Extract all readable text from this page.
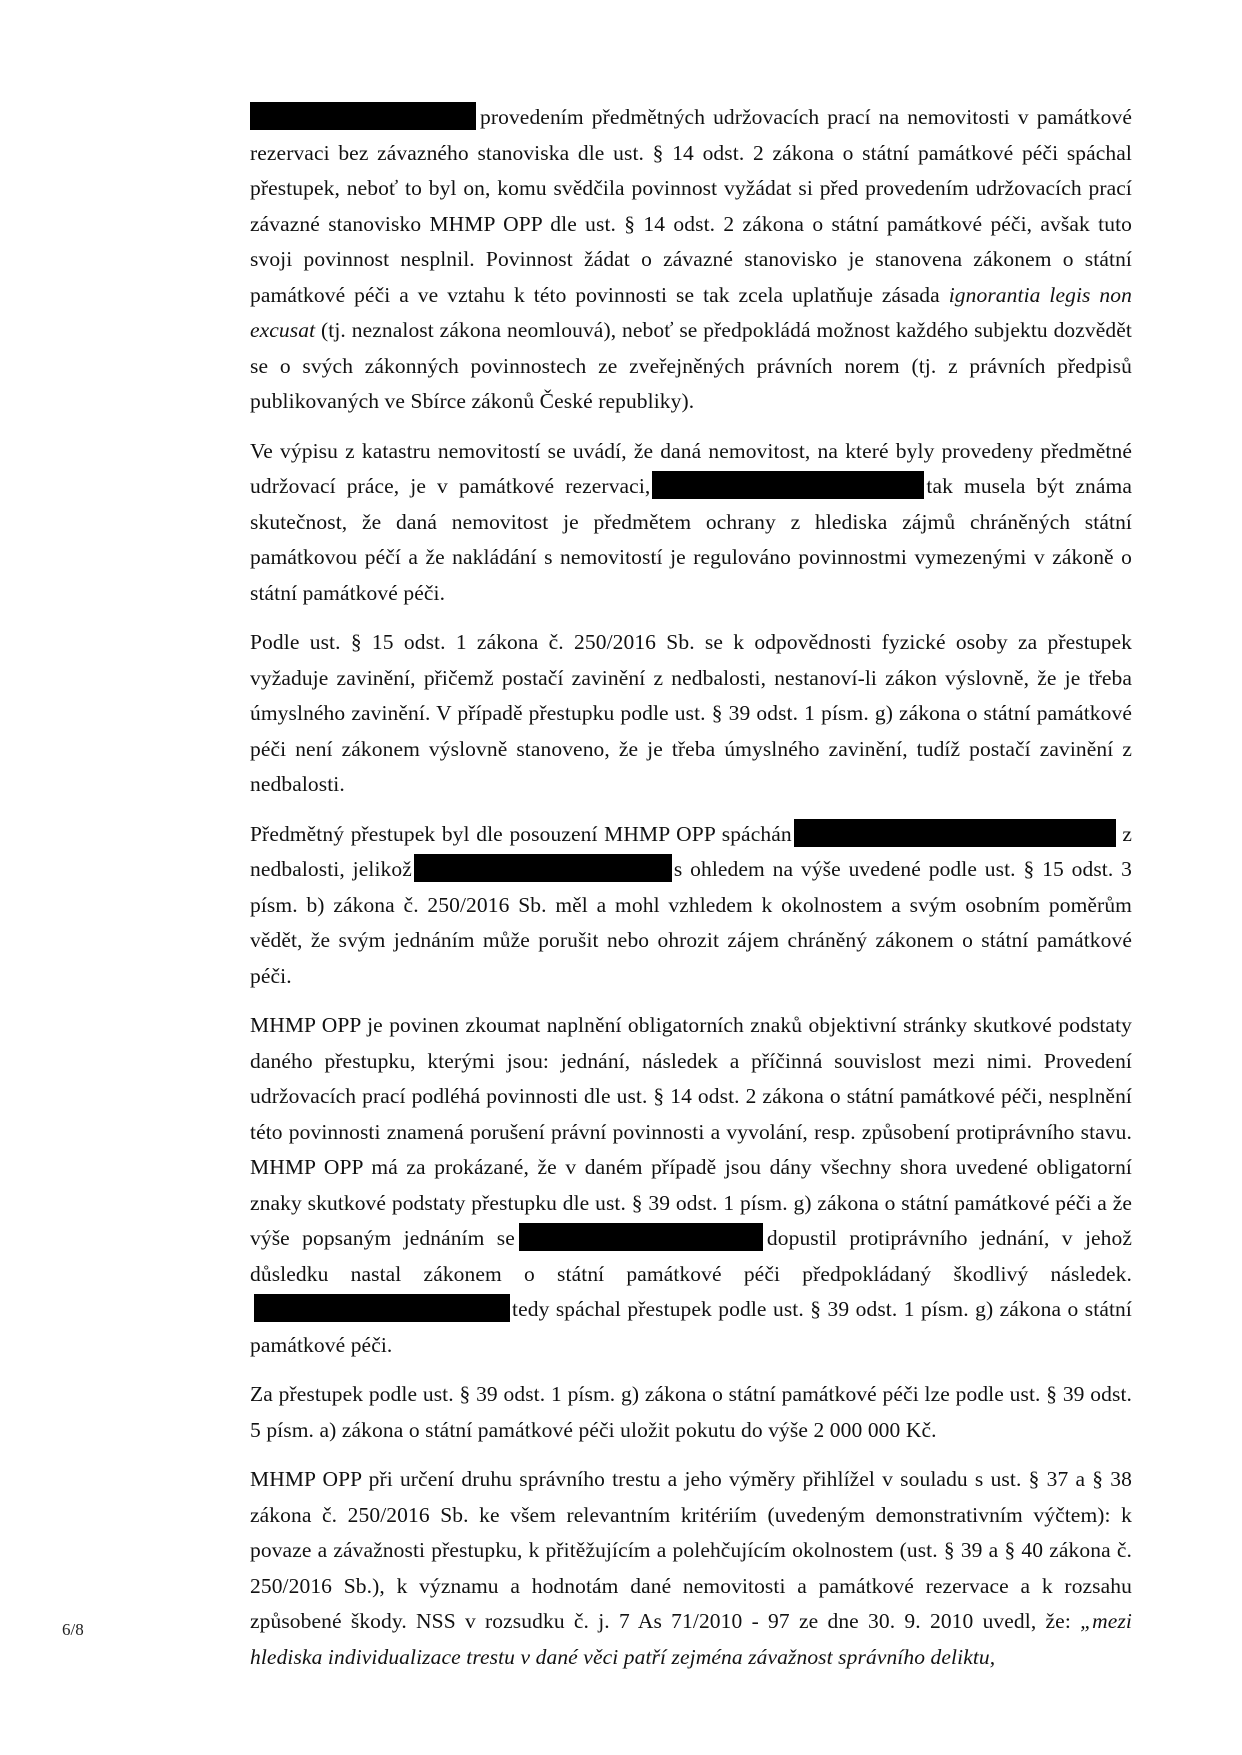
provedením předmětných udržovacích prací na nemovitosti v památkové rezervaci bez závazného stanoviska dle ust. § 14 odst. 2 zákona o státní památkové péči spáchal přestupek, neboť to byl on, komu svědčila povinnost vyžádat si před provedením udržovacích prací závazné stanovisko MHMP OPP dle ust. § 14 odst. 2 zákona o státní památkové péči, avšak tuto svoji povinnost nesplnil. Povinnost žádat o závazné stanovisko je stanovena zákonem o státní památkové péči a ve vztahu k této povinnosti se tak zcela uplatňuje zásada ignorantia legis non excusat (tj. neznalost zákona neomlouvá), neboť se předpokládá možnost každého subjektu dozvědět se o svých zákonných povinnostech ze zveřejněných právních norem (tj. z právních předpisů publikovaných ve Sbírce zákonů České republiky).

Ve výpisu z katastru nemovitostí se uvádí, že daná nemovitost, na které byly provedeny předmětné udržovací práce, je v památkové rezervaci,	tak musela být známa skutečnost, že daná nemovitost je předmětem ochrany z hlediska zájmů chráněných státní památkovou péčí a že nakládání s nemovitostí je regulováno povinnostmi vymezenými v zákoně o státní památkové péči.

Podle ust. § 15 odst. 1 zákona č. 250/2016 Sb. se k odpovědnosti fyzické osoby za přestupek vyžaduje zavinění, přičemž postačí zavinění z nedbalosti, nestanoví-li zákon výslovně, že je třeba úmyslného zavinění. V případě přestupku podle ust. § 39 odst. 1 písm. g) zákona o státní památkové péči není zákonem výslovně stanoveno, že je třeba úmyslného zavinění, tudíž postačí zavinění z nedbalosti.

Předmětný přestupek byl dle posouzení MHMP OPP spáchán	z nedbalosti, jelikož	s ohledem na výše uvedené podle ust. § 15 odst. 3 písm. b) zákona č. 250/2016 Sb. měl a mohl vzhledem k okolnostem a svým osobním poměrům vědět, že svým jednáním může porušit nebo ohrozit zájem chráněný zákonem o státní památkové péči.

MHMP OPP je povinen zkoumat naplnění obligatorních znaků objektivní stránky skutkové podstaty daného přestupku, kterými jsou: jednání, následek a příčinná souvislost mezi nimi. Provedení udržovacích prací podléhá povinnosti dle ust. § 14 odst. 2 zákona o státní památkové péči, nesplnění této povinnosti znamená porušení právní povinnosti a vyvolání, resp. způsobení protiprávního stavu. MHMP OPP má za prokázané, že v daném případě jsou dány všechny shora uvedené obligatorní znaky skutkové podstaty přestupku dle ust. § 39 odst. 1 písm. g) zákona o státní památkové péči a že výše popsaným jednáním se	dopustil protiprávního jednání, v jehož důsledku nastal zákonem o státní památkové péči předpokládaný škodlivý následek.tedy spáchal přestupek podle ust. § 39 odst. 1 písm. g) zákona o státní památkové péči.

Za přestupek podle ust. § 39 odst. 1 písm. g) zákona o státní památkové péči lze podle ust. § 39 odst. 5 písm. a) zákona o státní památkové péči uložit pokutu do výše 2 000 000 Kč.

MHMP OPP při určení druhu správního trestu a jeho výměry přihlížel v souladu s ust. § 37 a § 38 zákona č. 250/2016 Sb. ke všem relevantním kritériím (uvedeným demonstrativním výčtem): k povaze a závažnosti přestupku, k přitěžujícím a polehčujícím okolnostem (ust. § 39 a § 40 zákona č. 250/2016 Sb.), k významu a hodnotám dané nemovitosti a památkové rezervace a k rozsahu způsobené škody. NSS v rozsudku č. j. 7 As 71/2010 - 97 ze dne 30. 9. 2010 uvedl, že: „mezi hlediska individualizace trestu v dané věci patří zejména závažnost správního deliktu,

6/8
